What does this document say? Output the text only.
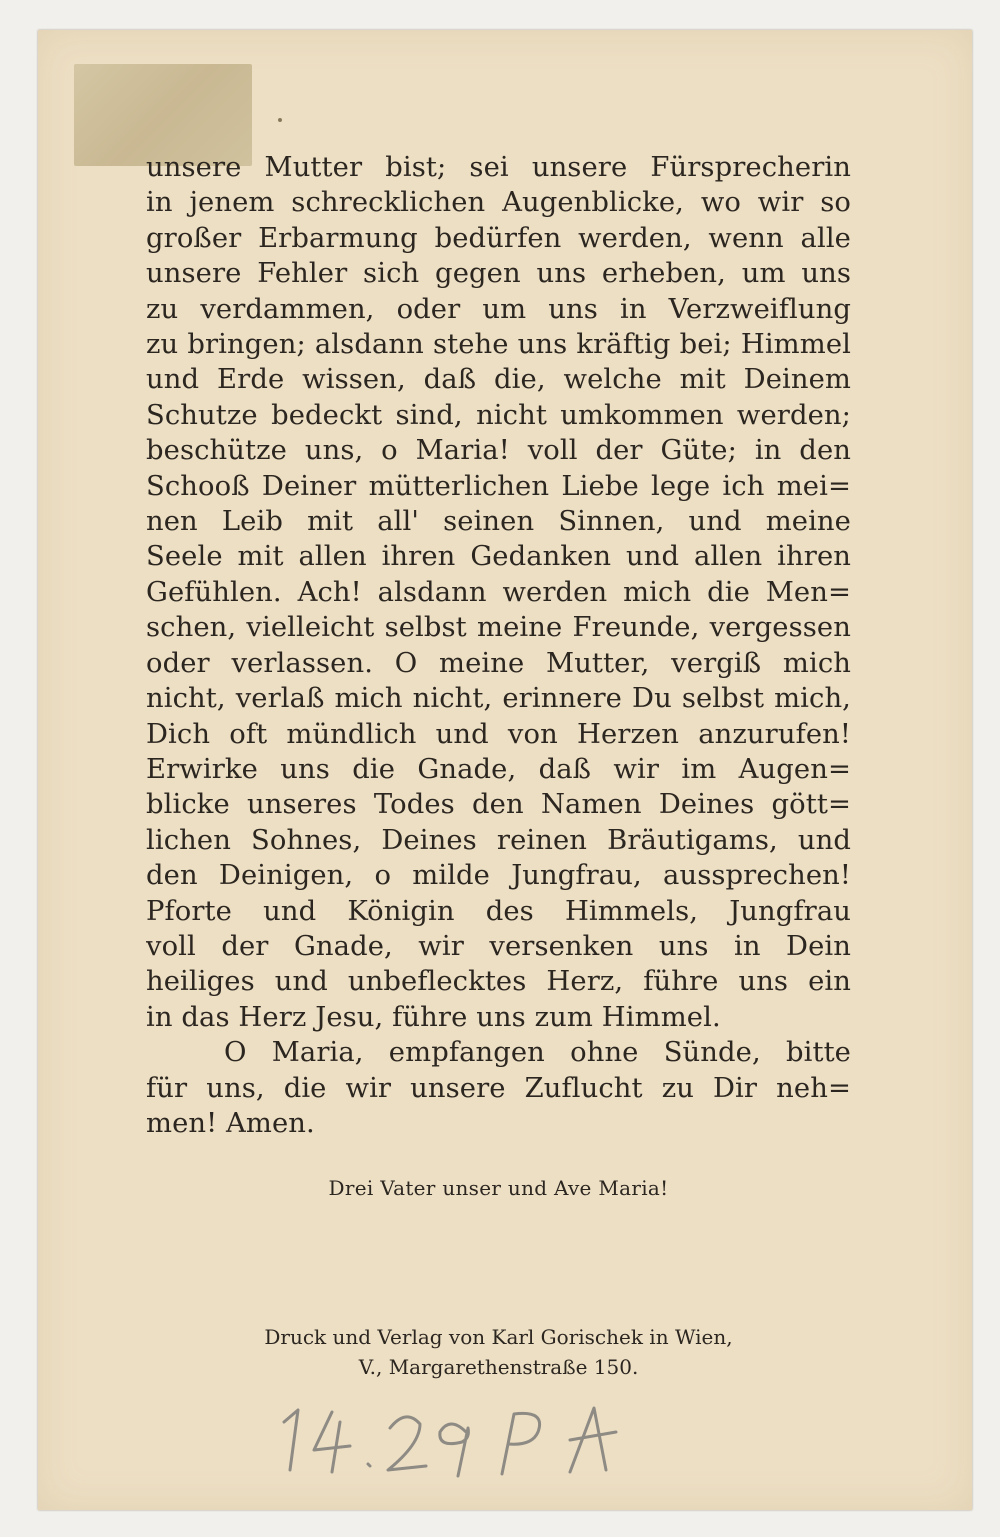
unsere Mutter bist; sei unsere Fürsprecherin
in jenem schrecklichen Augenblicke, wo wir so
großer Erbarmung bedürfen werden, wenn alle
unsere Fehler sich gegen uns erheben, um uns
zu verdammen, oder um uns in Verzweiflung
zu bringen; alsdann stehe uns kräftig bei; Himmel
und Erde wissen, daß die, welche mit Deinem
Schutze bedeckt sind, nicht umkommen werden;
beschütze uns, o Maria! voll der Güte; in den
Schooß Deiner mütterlichen Liebe lege ich mei=
nen Leib mit all' seinen Sinnen, und meine
Seele mit allen ihren Gedanken und allen ihren
Gefühlen. Ach! alsdann werden mich die Men=
schen, vielleicht selbst meine Freunde, vergessen
oder verlassen. O meine Mutter, vergiß mich
nicht, verlaß mich nicht, erinnere Du selbst mich,
Dich oft mündlich und von Herzen anzurufen!
Erwirke uns die Gnade, daß wir im Augen=
blicke unseres Todes den Namen Deines gött=
lichen Sohnes, Deines reinen Bräutigams, und
den Deinigen, o milde Jungfrau, aussprechen!
Pforte und Königin des Himmels, Jungfrau
voll der Gnade, wir versenken uns in Dein
heiliges und unbeflecktes Herz, führe uns ein
in das Herz Jesu, führe uns zum Himmel.
O Maria, empfangen ohne Sünde, bitte
für uns, die wir unsere Zuflucht zu Dir neh=
men! Amen.
Drei Vater unser und Ave Maria!
Druck und Verlag von Karl Gorischek in Wien,
V., Margarethenstraße 150.
